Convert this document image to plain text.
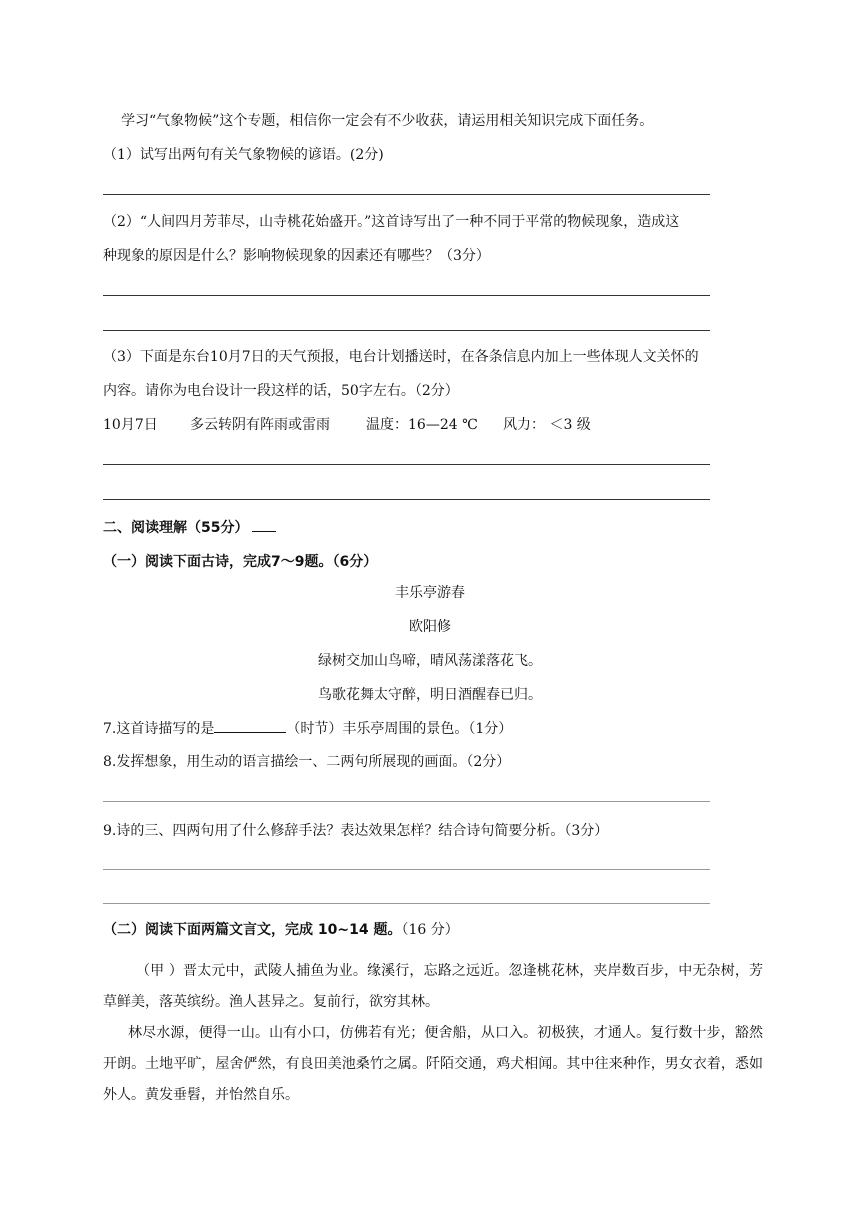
学习“气象物候”这个专题，相信你一定会有不少收获，请运用相关知识完成下面任务。
（1）试写出两句有关气象物候的谚语。(2分)
（2）“人间四月芳菲尽，山寺桃花始盛开。”这首诗写出了一种不同于平常的物候现象，造成这
种现象的原因是什么？影响物候现象的因素还有哪些？（3分）
（3）下面是东台10月7日的天气预报，电台计划播送时，在各条信息内加上一些体现人文关怀的
内容。请你为电台设计一段这样的话，50字左右。（2分）
10月7日 多云转阴有阵雨或雷雨	温度：16—24 ℃ 风力： ＜3 级
二、阅读理解（55分）
（一）阅读下面古诗，完成7～9题。（6分）
丰乐亭游春
欧阳修
绿树交加山鸟啼，晴风荡漾落花飞。
鸟歌花舞太守醉，明日酒醒春已归。
7.这首诗描写的是	（时节）丰乐亭周围的景色。（1分）
8.发挥想象，用生动的语言描绘一、二两句所展现的画面。（2分）
9.诗的三、四两句用了什么修辞手法？表达效果怎样？结合诗句简要分析。（3分）
（二）阅读下面两篇文言文，完成 10~14 题。（16 分）
（甲 ）晋太元中，武陵人捕鱼为业。缘溪行，忘路之远近。忽逢桃花林，夹岸数百步，中无杂树，芳草鲜美，落英缤纷。渔人甚异之。复前行，欲穷其林。
林尽水源，便得一山。山有小口，仿佛若有光；便舍船，从口入。初极狭，才通人。复行数十步，豁然开朗。土地平旷，屋舍俨然，有良田美池桑竹之属。阡陌交通，鸡犬相闻。其中往来种作，男女衣着，悉如外人。黄发垂髫，并怡然自乐。
